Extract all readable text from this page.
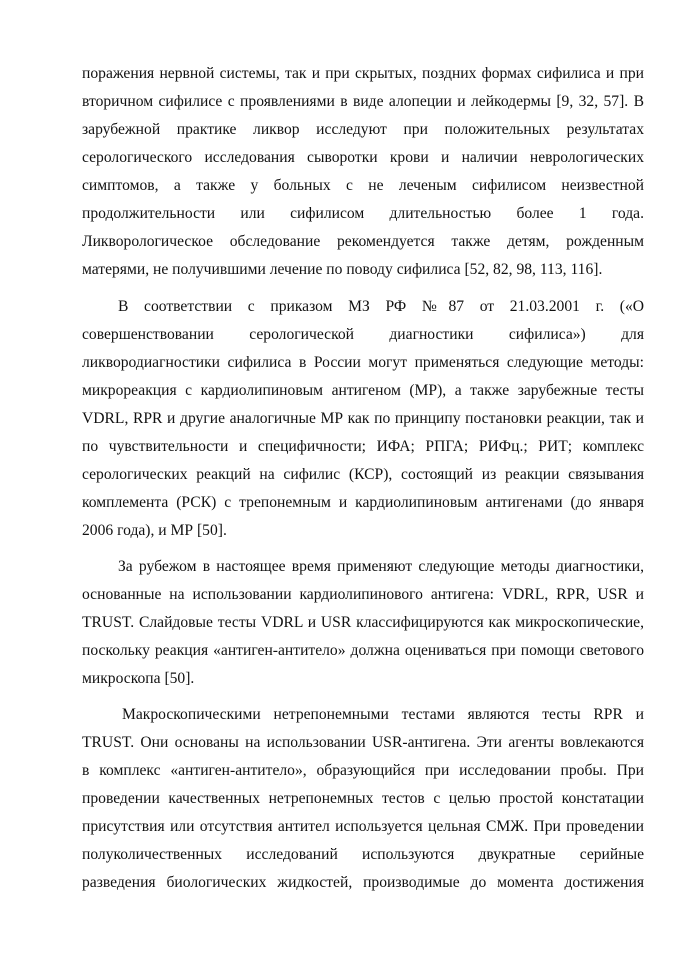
поражения нервной системы, так и при скрытых, поздних формах сифилиса и при
вторичном сифилисе с проявлениями в виде алопеции и лейкодермы [9, 32, 57]. В
зарубежной практике ликвор исследуют при положительных результатах
серологического исследования сыворотки крови и наличии неврологических
симптомов, а также у больных с не леченым сифилисом неизвестной
продолжительности или сифилисом длительностью более 1 года.
Ликворологическое обследование рекомендуется также детям, рожденным
матерями, не получившими лечение по поводу сифилиса [52, 82, 98, 113, 116].
В соответствии с приказом МЗ РФ №87 от 21.03.2001 г. («О
совершенствовании серологической диагностики сифилиса») для
ликвородиагностики сифилиса в России могут применяться следующие методы:
микрореакция с кардиолипиновым антигеном (МР), а также зарубежные тесты
VDRL, RPR и другие аналогичные МР как по принципу постановки реакции, так и
по чувствительности и специфичности; ИФА; РПГА; РИФц.; РИТ; комплекс
серологических реакций на сифилис (КСР), состоящий из реакции связывания
комплемента (РСК) с трепонемным и кардиолипиновым антигенами (до января
2006 года), и МР [50].
За рубежом в настоящее время применяют следующие методы диагностики,
основанные на использовании кардиолипинового антигена: VDRL, RPR, USR и
TRUST. Слайдовые тесты VDRL и USR классифицируются как микроскопические,
поскольку реакция «антиген-антитело» должна оцениваться при помощи светового
микроскопа [50].
Макроскопическими нетрепонемными тестами являются тесты RPR и
TRUST. Они основаны на использовании USR-антигена. Эти агенты вовлекаются
в комплекс «антиген-антитело», образующийся при исследовании пробы. При
проведении качественных нетрепонемных тестов с целью простой констатации
присутствия или отсутствия антител используется цельная СМЖ. При проведении
полуколичественных исследований используются двукратные серийные
разведения биологических жидкостей, производимые до момента достижения
